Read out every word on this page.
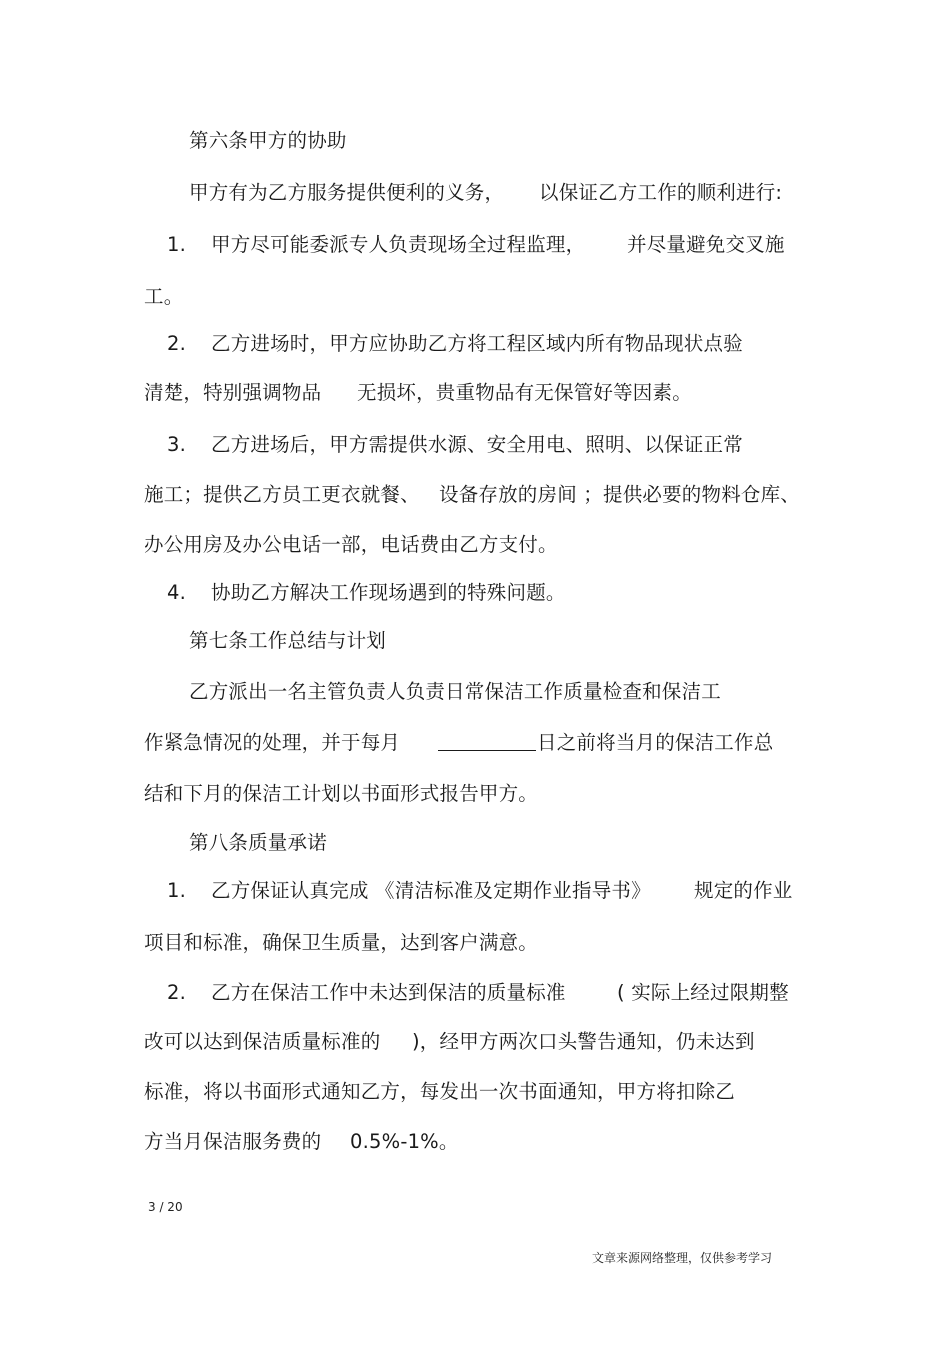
第六条甲方的协助
甲方有为乙方服务提供便利的义务， 以保证乙方工作的顺利进行:
1. 甲方尽可能委派专人负责现场全过程监理， 并尽量避免交叉施
工。
2. 乙方进场时，甲方应协助乙方将工程区域内所有物品现状点验
清楚，特别强调物品 无损坏，贵重物品有无保管好等因素。
3. 乙方进场后，甲方需提供水源、安全用电、照明、以保证正常
施工；提供乙方员工更衣就餐、 设备存放的房间 ；提供必要的物料仓库、
办公用房及办公电话一部，电话费由乙方支付。
4. 协助乙方解决工作现场遇到的特殊问题。
第七条工作总结与计划
乙方派出一名主管负责人负责日常保洁工作质量检查和保洁工
作紧急情况的处理，并于每月	日之前将当月的保洁工作总
结和下月的保洁工计划以书面形式报告甲方。
第八条质量承诺
1. 乙方保证认真完成 《清洁标准及定期作业指导书》 规定的作业
项目和标准，确保卫生质量，达到客户满意。
2. 乙方在保洁工作中未达到保洁的质量标准	( 实际上经过限期整
改可以达到保洁质量标准的 )，经甲方两次口头警告通知，仍未达到
标准，将以书面形式通知乙方，每发出一次书面通知，甲方将扣除乙
方当月保洁服务费的 0.5%-1%。
3 / 20
文章来源网络整理，仅供参考学习
